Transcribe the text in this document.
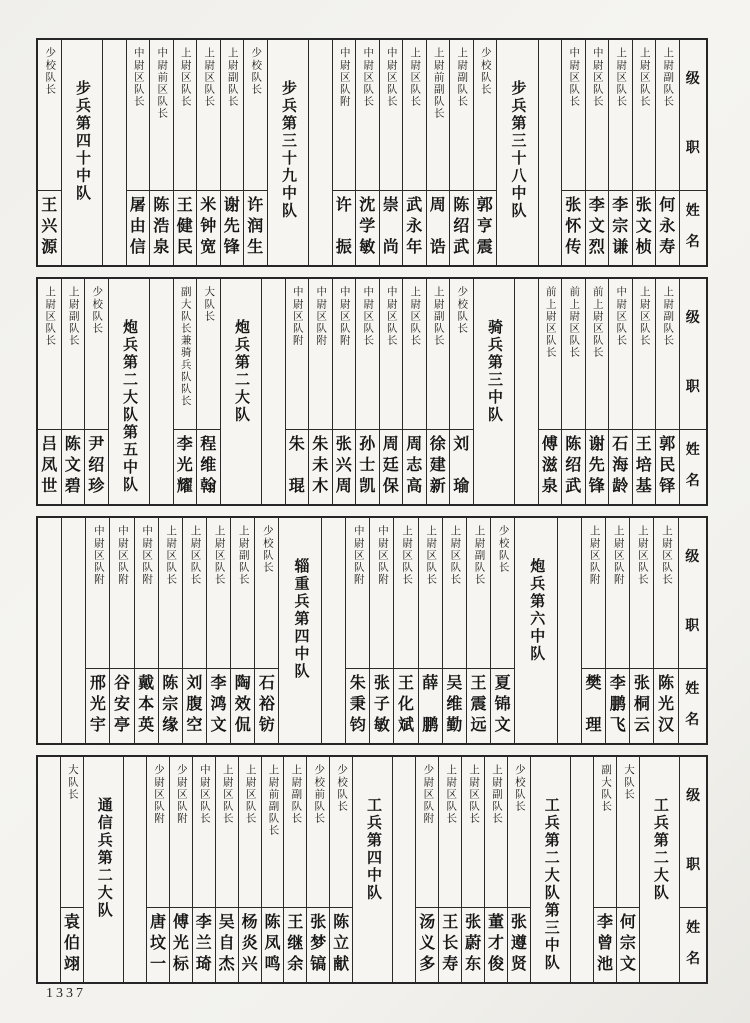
少校队长
王
兴
源
步兵第四十中队
中尉区队长
屠
由
信
中尉前区队长
陈
浩
泉
上尉区队长
王
健
民
上尉区队长
米
钟
宽
上尉副队长
谢
先
锋
少校队长
许
润
生
步兵第三十九中队
中尉区队附
许
振
中尉区队长
沈
学
敏
中尉区队长
崇
尚
上尉区队长
武
永
年
上尉前副队长
周
诰
上尉副队长
陈
绍
武
少校队长
郭
亨
震
步兵第三十八中队
中尉区队长
张
怀
传
中尉区队长
李
文
烈
上尉区队长
李
宗
谦
上尉区队长
张
文
桢
上尉副队长
何
永
寿
级
职
姓
名
上尉区队长
吕
凤
世
上尉副队长
陈
文
碧
少校队长
尹
绍
珍 炮兵第二大队第五中队	副大队长兼骑兵队队长
李
光
耀
大队长
程
维
翰
炮兵第二大队
中尉区队附
朱
琨
中尉区队附
朱
未
木
中尉区队附
张
兴
周
中尉区队长
孙
士
凯
中尉区队长
周
廷
保
上尉区队长
周
志
高
上尉副队长
徐
建
新
少校队长
刘
瑜
骑兵第三中队	前上尉区队长
傅
滋
泉
前上尉区队长
陈
绍
武
前上尉区队长
谢
先
锋
中尉区队长
石
海
龄
上尉区队长
王
培
基
上尉副队长
郭
民
铎
级
职
姓
名
中尉区队附
邢
光
宇
中尉区队附
谷
安
亭
中尉区队附
戴
本
英
上尉区队长
陈
宗
缘
上尉区队长
刘
腹
空
上尉区队长
李
鸿
文
上尉副队长
陶
效
侃
少校队长
石
裕
钫
辎重兵第四中队
中尉区队附
朱
秉
钧
中尉区队附
张
子
敏
上尉区队长
王
化
斌
上尉区队长
薛
鹏
上尉区队长
吴
维
勤
上尉副队长
王
震
远
少校队长
夏
锦
文
炮兵第六中队
上尉区队附
樊
理
上尉区队附
李
鹏
飞
上尉区队长
张
桐
云
上尉区队长
陈
光
汉
级
职
姓
名
大队长
袁
伯
翊
通信兵第二大队
少尉区队附
唐
坟
一
少尉区队附
傅
光
标
中尉区队长
李
兰
琦
上尉区队长
吴
自
杰
上尉区队长
杨
炎
兴
上尉前副队长
陈
凤
鸣
上尉副队长
王
继
余
少校前队长
张
梦
镐
少校队长
陈
立
献
工兵第四中队
少尉区队附
汤
义
多
上尉区队长
王
长
寿
上尉区队长
张
蔚
东
上尉副队长
董
才
俊
少校队长
张
遵
贤 工兵第二大队第三中队
副大队长
李
曾
池
大队长
何
宗
文
工兵第二大队
级
职
姓
名
1337
